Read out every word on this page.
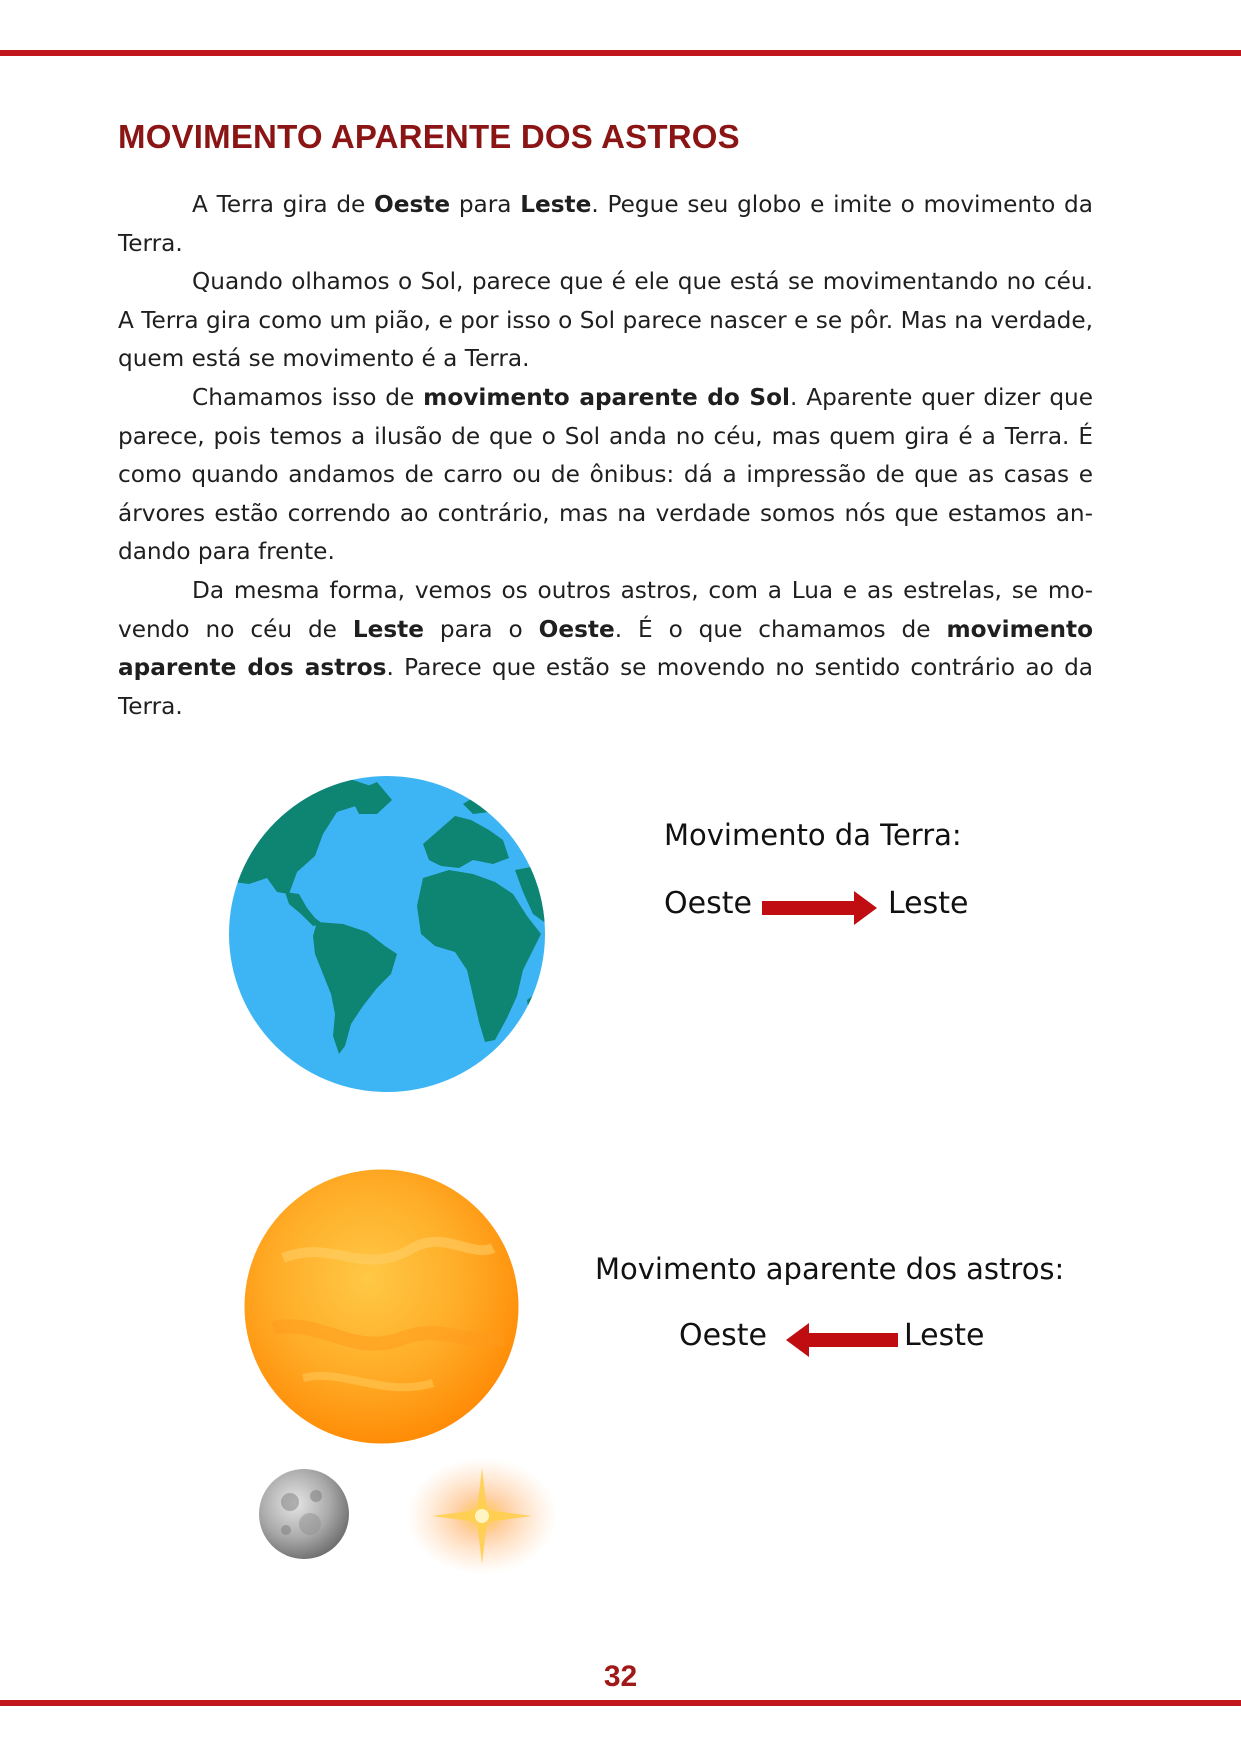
MOVIMENTO APARENTE DOS ASTROS

A Terra gira de Oeste para Leste. Pegue seu globo e imite o movimento da Terra.

Quando olhamos o Sol, parece que é ele que está se movimentando no céu. A Terra gira como um pião, e por isso o Sol parece nascer e se pôr. Mas na verdade, quem está se movimento é a Terra.

Chamamos isso de movimento aparente do Sol. Aparente quer dizer que parece, pois temos a ilusão de que o Sol anda no céu, mas quem gira é a Terra. É como quando andamos de carro ou de ônibus: dá a impressão de que as casas e árvores estão correndo ao contrário, mas na verdade somos nós que estamos andando para frente.

Da mesma forma, vemos os outros astros, com a Lua e as estrelas, se movendo no céu de Leste para o Oeste. É o que chamamos de movimento aparente dos astros. Parece que estão se movendo no sentido contrário ao da Terra.

Movimento da Terra:
Oeste	Leste
Movimento aparente dos astros:
Oeste	Leste
32
